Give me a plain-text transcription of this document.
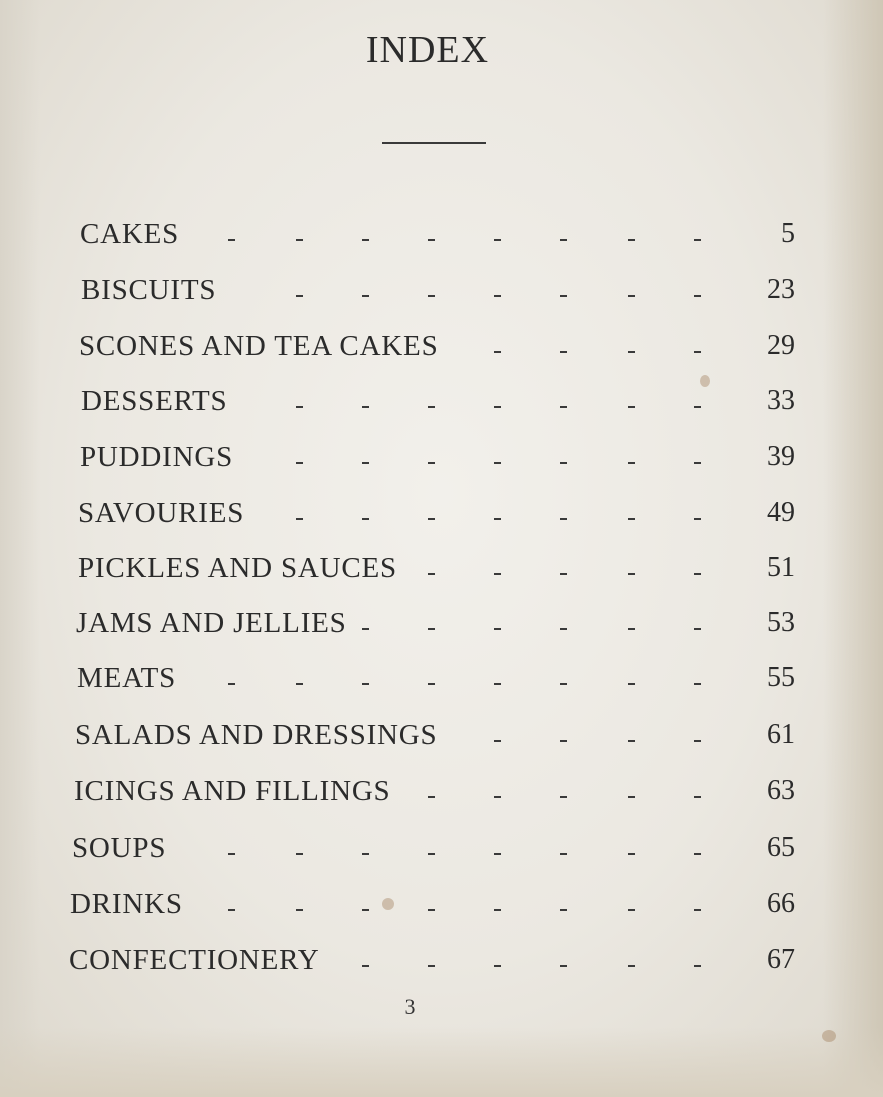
INDEX
CAKES	5
BISCUITS	23
SCONES AND TEA CAKES	29
DESSERTS	33
PUDDINGS	39
SAVOURIES	49
PICKLES AND SAUCES	51
JAMS AND JELLIES	53
MEATS	55
SALADS AND DRESSINGS	61
ICINGS AND FILLINGS	63
SOUPS	65
DRINKS	66
CONFECTIONERY	67
3
